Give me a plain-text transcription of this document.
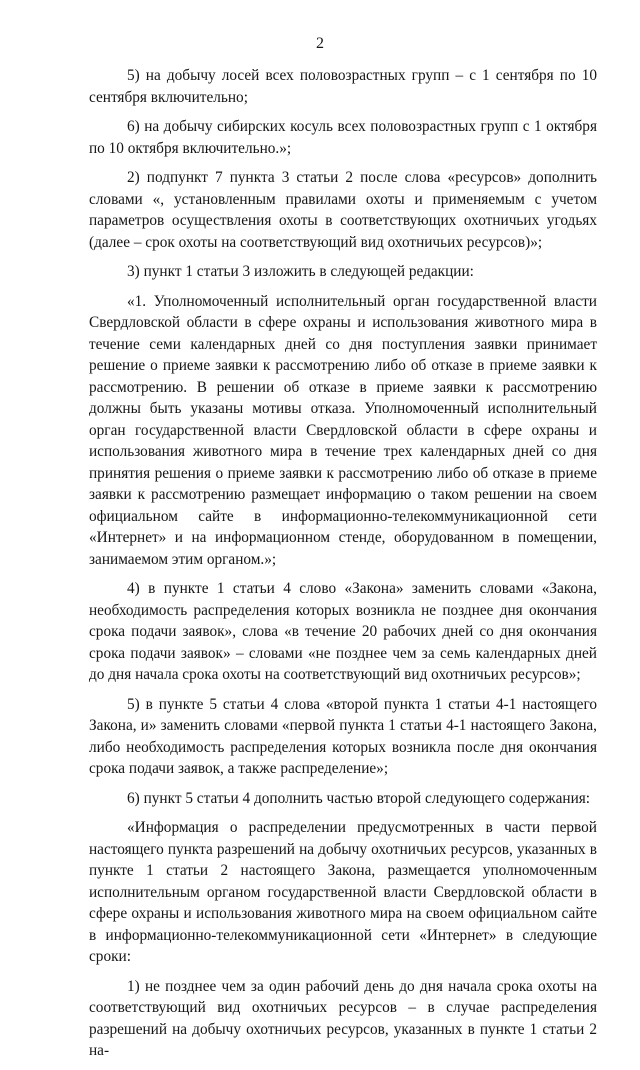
2

5) на добычу лосей всех половозрастных групп – с 1 сентября по 10 сентября включительно;

6) на добычу сибирских косуль всех половозрастных групп с 1 октября по 10 октября включительно.»;

2) подпункт 7 пункта 3 статьи 2 после слова «ресурсов» дополнить словами «, установленным правилами охоты и применяемым с учетом параметров осуществления охоты в соответствующих охотничьих угодьях (далее – срок охоты на соответствующий вид охотничьих ресурсов)»;

3) пункт 1 статьи 3 изложить в следующей редакции:

«1. Уполномоченный исполнительный орган государственной власти Свердловской области в сфере охраны и использования животного мира в течение семи календарных дней со дня поступления заявки принимает решение о приеме заявки к рассмотрению либо об отказе в приеме заявки к рассмотрению. В решении об отказе в приеме заявки к рассмотрению должны быть указаны мотивы отказа. Уполномоченный исполнительный орган государственной власти Свердловской области в сфере охраны и использования животного мира в течение трех календарных дней со дня принятия решения о приеме заявки к рассмотрению либо об отказе в приеме заявки к рассмотрению размещает информацию о таком решении на своем официальном сайте в информационно-телекоммуникационной сети «Интернет» и на информационном стенде, оборудованном в помещении, занимаемом этим органом.»;

4) в пункте 1 статьи 4 слово «Закона» заменить словами «Закона, необходимость распределения которых возникла не позднее дня окончания срока подачи заявок», слова «в течение 20 рабочих дней со дня окончания срока подачи заявок» – словами «не позднее чем за семь календарных дней до дня начала срока охоты на соответствующий вид охотничьих ресурсов»;

5) в пункте 5 статьи 4 слова «второй пункта 1 статьи 4-1 настоящего Закона, и» заменить словами «первой пункта 1 статьи 4-1 настоящего Закона, либо необходимость распределения которых возникла после дня окончания срока подачи заявок, а также распределение»;

6) пункт 5 статьи 4 дополнить частью второй следующего содержания:

«Информация о распределении предусмотренных в части первой настоящего пункта разрешений на добычу охотничьих ресурсов, указанных в пункте 1 статьи 2 настоящего Закона, размещается уполномоченным исполнительным органом государственной власти Свердловской области в сфере охраны и использования животного мира на своем официальном сайте в информационно-телекоммуникационной сети «Интернет» в следующие сроки:

1) не позднее чем за один рабочий день до дня начала срока охоты на соответствующий вид охотничьих ресурсов – в случае распределения разрешений на добычу охотничьих ресурсов, указанных в пункте 1 статьи 2 на-
